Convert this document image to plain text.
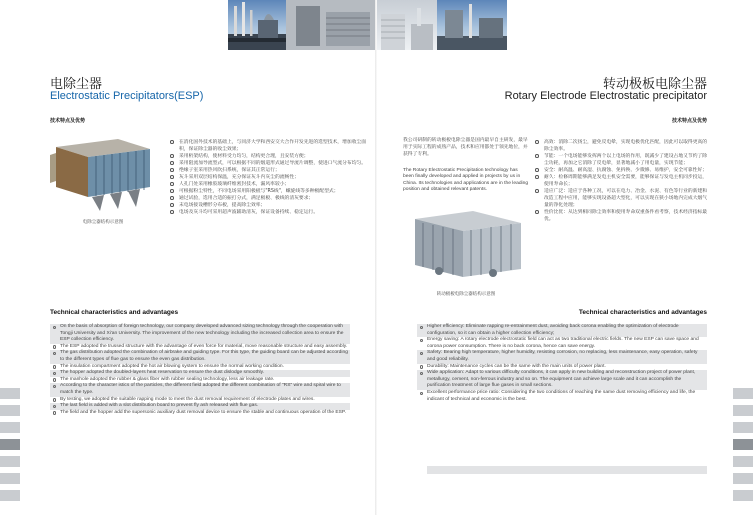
电除尘器
Electrostatic Precipitators(ESP)
技术特点及优势
电除尘器结构示意图
在消化国外技术的基础上，与同济大学和西安交大合作开发先进的选型技术，增加收尘面积，保证除尘器的收尘效果；
采用桁架结构，使材料受力均匀，结构更合理，且安装方便；
采用阻流加导流型式，可以根据不同的烟道形式通过导流片调整，使进口气流分布均匀。
绝缘子室采用热风吹扫系统，保证其正常运行；
灰斗采用双层结构保温，充分保证灰斗内灰尘的流畅性；
人孔门处采用橡胶玻璃纤维密封技术，漏风率较小；
可根据粉尘特性，不同电场采用阳极板与"RS线"，螺旋线等多种极配型式；
通过试验，选用合适的振打分式，满足极板、极线的清灰要求；
末电场接设槽形分布板，提高除尘效率；
电场及灰斗均可采用超声波辅助清灰，保证设备持续、稳定运行。
Technical characteristics and advantages
On the basis of absorption of foreign technology, our company developed advanced sizing technology through the cooperation with Tongji University and Xi'an University. The improvement of the new technology including the increased collection area to ensure the ESP collection efficiency.
The ESP adopted the trussed structure with the advantage of even force for material, move reasonable structure and easy assembly.
The gas distribution adopted the combination of airbrake and guiding type. For this type, the guiding board can be adjusted according to the different types of flue gas to ensure the even gas distribution.
The insulation compartment adopted the hot air blowing system to ensure the normal working condition.
The hopper adopted the doubled-layers heat reservation to ensure the dust dislodge smoothly.
The manhole adopted the rubber & glass fiber with rubber sealing technology, less air leakage rate.
According to the character istics of the particles, the different field adopted the different combination of "RS" wire and spiral wire to match the type.
By testing, we adopted the suitable rapping mode to meet the dust removal requirement of electrode plates and wires.
The last field is added with a slot distribution board to prevent fly ash released with flue gas.
The field and the hopper add the supersonic auxiliary dust removal device to ensure the stable and continuous operation of the ESP.
转动极板电除尘器
Rotary Electrode Electrostatic precipitator
技术特点及优势
我公司研制的转动极板电除尘器是国内最早自主研发，最早用于实际工程的成熟产品，技术和应用都处于领先地位，并获得了专利。
The Rotary Electrostatic Precipitation technology has been finally developed and applied in projects by us in China. Its technologies and applications are in the leading position and obtained relevant patents.
转动极板电除尘器结构示意图
高效：消除二次扬尘，避免反电晕，实现电极优化匹配，因此可以取得更高的除尘效率。
节能：一个电场能够发挥两个以上电场的作用，既减少了建设占地又节约了除尘功耗，再加之它消除了反电晕，显著地减小了用电量，实现节能；
安全：耐高温、耐高湿、抗腐蚀、免拆换、少微修、易维护，安全可靠性好；
耐久：检修周期能够满足发电主机安全需要，能够保证与发电主机同步投运，使用寿命长；
适应广泛：适应于各种工况，可以在电力、冶金、水泥、有色等行业的新建和改造工程中应用，能够实现设备超大型化，可以实现在狭小场地内完成大烟气量的净化处理；
性价比优：从达到相同除尘效率和使用寿命双重条件看考察，技术经济指标最优。
Technical characteristics and advantages
Higher efficiency: Eliminate rapping re-entrainment dust, avoiding back corona enabling the optimization of electrode configuration, so it can obtain a higher collection efficiency;
Energy saving: A rotary electrode electrostatic field can act as two traditional electric fields. The new ESP can save space and corona power consumption. There is no back corona, hence can save energy.
Safety: Bearing high temperature, higher humidity, resisting corrosion, no replacing, less maintenance, easy operation, safety and good reliability.
Durability: Maintenance cycles can be the same with the main units of power plant.
Wide application: Adapt to various difficulty conditions, it can apply in new building and reconstruction project of power plant, metallurgy, cement, non-ferrous industry and so on. The equipment can achieve large scale and it can accomplish the purification treatment of large flue gases in small sections.
Excellent performance price ratio: Considering the two conditions of reaching the same dust removing efficiency and life, the indicant of technical and economic is the best.
